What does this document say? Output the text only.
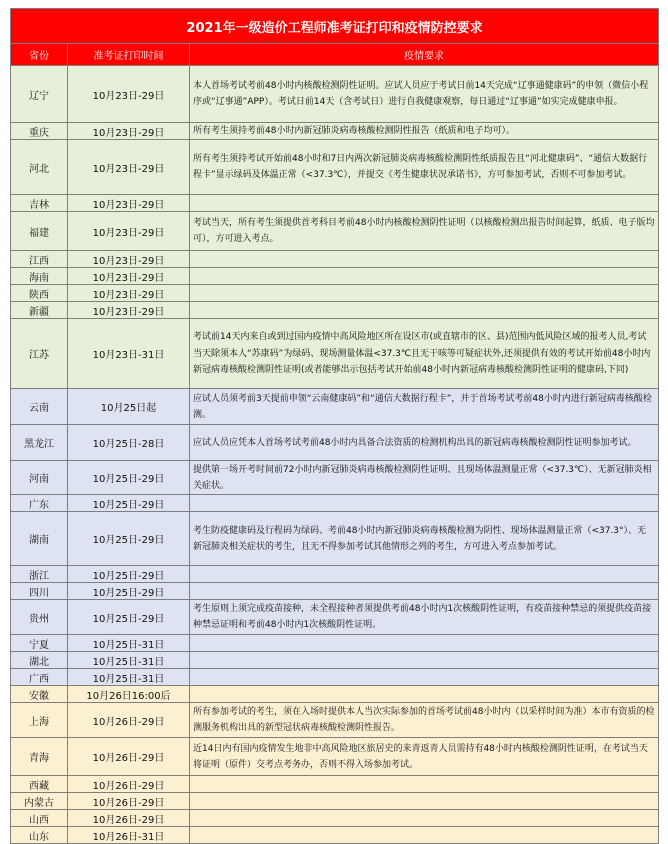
2021年一级造价工程师准考证打印和疫情防控要求		
省份	准考证打印时间	疫情要求
辽宁	10月23日-29日	本人首场考试考前48小时内核酸检测阴性证明。应试人员应于考试日前14天完成“辽事通健康码”的申领（微信小程序或“辽事通”APP）。考试日前14天（含考试日）进行自我健康观察，每日通过“辽事通”如实完成健康申报。
重庆	10月23日-29日	所有考生须持考前48小时内新冠肺炎病毒核酸检测阴性报告（纸质和电子均可）。
河北	10月23日-29日	所有考生须持考试开始前48小时和7日内两次新冠肺炎病毒核酸检测阴性纸质报告且“河北健康码”、“通信大数据行程卡”显示绿码及体温正常（<37.3℃），并提交《考生健康状况承诺书》，方可参加考试，否则不可参加考试。
吉林	10月23日-29日	
福建	10月23日-29日	考试当天，所有考生须提供首考科目考前48小时内核酸检测阴性证明（以核酸检测出报告时间起算，纸质、电子版均可），方可进入考点。
江西	10月23日-29日	
海南	10月23日-29日	
陕西	10月23日-29日	
新疆	10月23日-29日	
江苏	10月23日-31日	考试前14天内来自或到过国内疫情中高风险地区所在设区市(或直辖市的区、县)范围内低风险区域的报考人员,考试当天除须本人“苏康码”为绿码、现场测量体温<37.3℃且无干咳等可疑症状外,还须提供有效的考试开始前48小时内新冠病毒核酸检测阴性证明(或者能够出示包括考试开始前48小时内新冠病毒核酸检测阴性证明的健康码,下同)
云南	10月25日起	应试人员须考前3天提前申领“云南健康码”和“通信大数据行程卡”，并于首场考试考前48小时内进行新冠病毒核酸检测。
黑龙江	10月25日-28日	应试人员应凭本人首场考试考前48小时内具备合法资质的检测机构出具的新冠病毒核酸检测阴性证明参加考试。
河南	10月25日-29日	提供第一场开考时间前72小时内新冠肺炎病毒核酸检测阴性证明、且现场体温测量正常（<37.3℃）、无新冠肺炎相关症状。
广东	10月25日-29日	
湖南	10月25日-29日	考生防疫健康码及行程码为绿码、考前48小时内新冠肺炎病毒核酸检测为阴性、现场体温测量正常（<37.3°）、无新冠肺炎相关症状的考生，且无不得参加考试其他情形之列的考生，方可进入考点参加考试。
浙江	10月25日-29日	
四川	10月25日-29日	
贵州	10月25日-29日	考生原则上须完成疫苗接种，未全程接种者须提供考前48小时内1次核酸阴性证明，有疫苗接种禁忌的须提供疫苗接种禁忌证明和考前48小时内1次核酸阴性证明。
宁夏	10月25日-31日	
湖北	10月25日-31日	
广西	10月25日-31日	
安徽	10月26日16:00后	
上海	10月26日-29日	所有参加考试的考生，须在入场时提供本人当次实际参加的首场考试前48小时内（以采样时间为准）本市有资质的检测服务机构出具的新型冠状病毒核酸检测阴性报告。
青海	10月26日-29日	近14日内有国内疫情发生地非中高风险地区旅居史的来青返青人员需持有48小时内核酸检测阴性证明，在考试当天将证明（原件）交考点考务办，否则不得入场参加考试。
西藏	10月26日-29日	
内蒙古	10月26日-29日	
山西	10月26日-29日	
山东	10月26日-31日	
